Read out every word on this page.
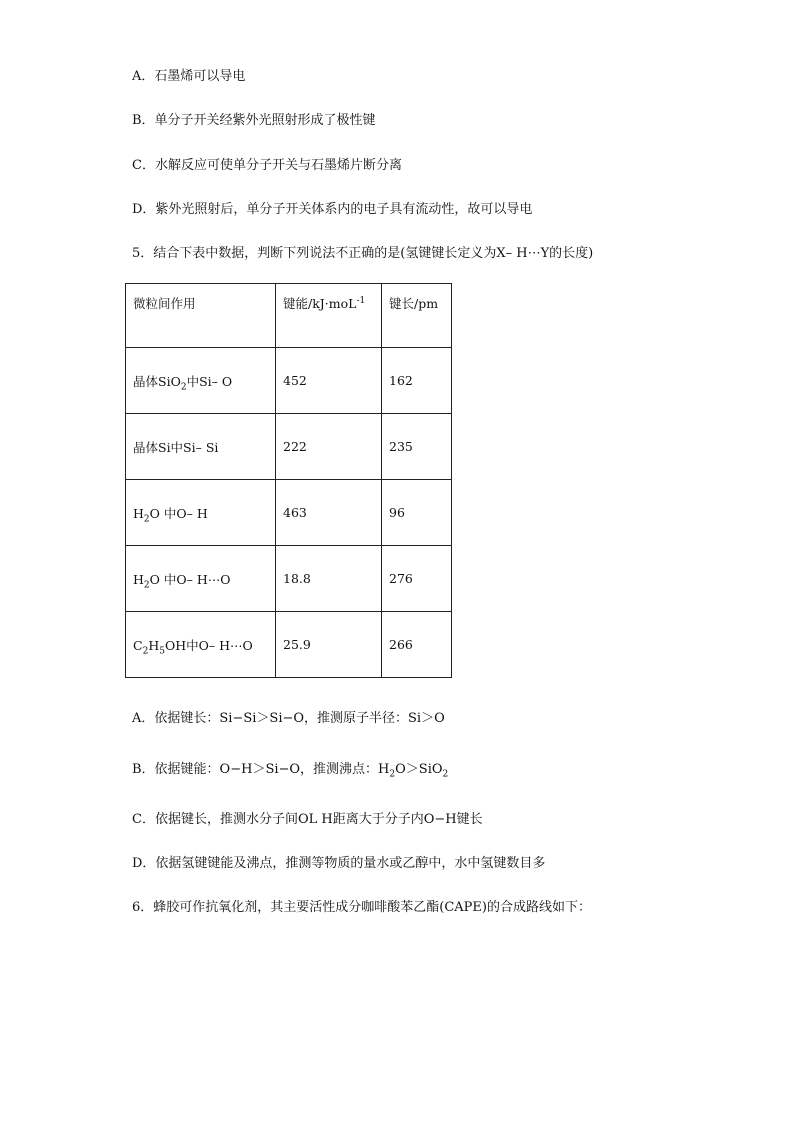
A．石墨烯可以导电
B．单分子开关经紫外光照射形成了极性键
C．水解反应可使单分子开关与石墨烯片断分离
D．紫外光照射后，单分子开关体系内的电子具有流动性，故可以导电
5．结合下表中数据，判断下列说法不正确的是(氢键键长定义为X– H⋯Y的长度)
微粒间作用	键能/kJ·moL$^{-1}$	键长/pm
晶体SiO$_2$中Si– O	452	162
晶体Si中Si– Si	222	235
$H_2O$ 中O– H	463	96
$H_2O$ 中O– H⋯O	18.8	276
$C_2H_5OH$中O– H⋯O	25.9	266
A．依据键长：Si−Si＞Si−O，推测原子半径：Si＞O
B．依据键能：O−H＞Si−O，推测沸点：$H_2O>SiO_2$
C．依据键长，推测水分子间OL H距离大于分子内O−H键长
D．依据氢键键能及沸点，推测等物质的量水或乙醇中，水中氢键数目多
6．蜂胶可作抗氧化剂，其主要活性成分咖啡酸苯乙酯(CAPE)的合成路线如下：
